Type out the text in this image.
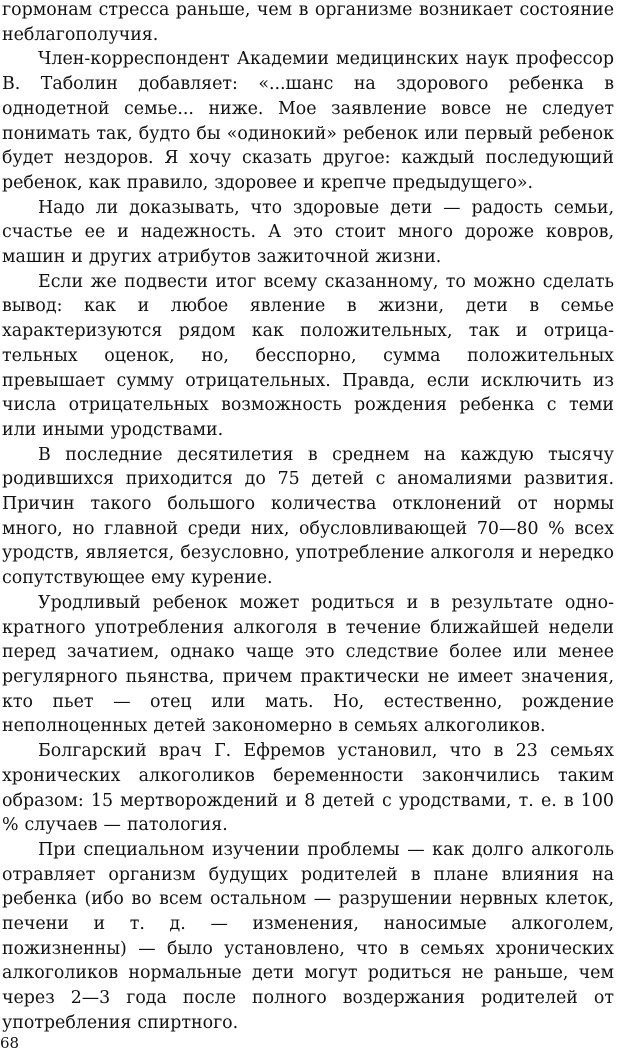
гормонам стресса раньше, чем в организме возникает состояние неблагополучия.

Член-корреспондент Академии медицинских наук профессор В. Таболин добавляет: «...шанс на здорового ребенка в однодетной семье... ниже. Мое заявление вовсе не следует понимать так, будто бы «одинокий» ребенок или первый ребенок будет нездоров. Я хочу сказать другое: каждый последующий ребенок, как правило, здоровее и крепче предыдущего».

Надо ли доказывать, что здоровые дети — радость семьи, счастье ее и надежность. А это стоит много дороже ковров, машин и других атрибутов зажиточной жизни.

Если же подвести итог всему сказанному, то можно сделать вывод: как и любое явление в жизни, дети в семье характеризуются рядом как положительных, так и отрицательных оценок, но, бесспорно, сумма положительных превышает сумму отрицательных. Правда, если исключить из числа отрицательных возможность рождения ребенка с теми или иными уродствами.

В последние десятилетия в среднем на каждую тысячу родившихся приходится до 75 детей с аномалиями развития. Причин такого большого количества отклонений от нормы много, но главной среди них, обусловливающей 70—80 % всех уродств, является, безусловно, употребление алкоголя и нередко сопутствующее ему курение.

Уродливый ребенок может родиться и в результате однократного употребления алкоголя в течение ближайшей недели перед зачатием, однако чаще это следствие более или менее регулярного пьянства, причем практически не имеет значения, кто пьет — отец или мать. Но, естественно, рождение неполноценных детей закономерно в семьях алкоголиков.

Болгарский врач Г. Ефремов установил, что в 23 семьях хронических алкоголиков беременности закончились таким образом: 15 мертворождений и 8 детей с уродствами, т. е. в 100 % случаев — патология.

При специальном изучении проблемы — как долго алкоголь отравляет организм будущих родителей в плане влияния на ребенка (ибо во всем остальном — разрушении нервных клеток, печени и т. д. — изменения, наносимые алкоголем, пожизненны) — было установлено, что в семьях хронических алкоголиков нормальные дети могут родиться не раньше, чем через 2—3 года после полного воздержания родителей от употребления спиртного.

68
